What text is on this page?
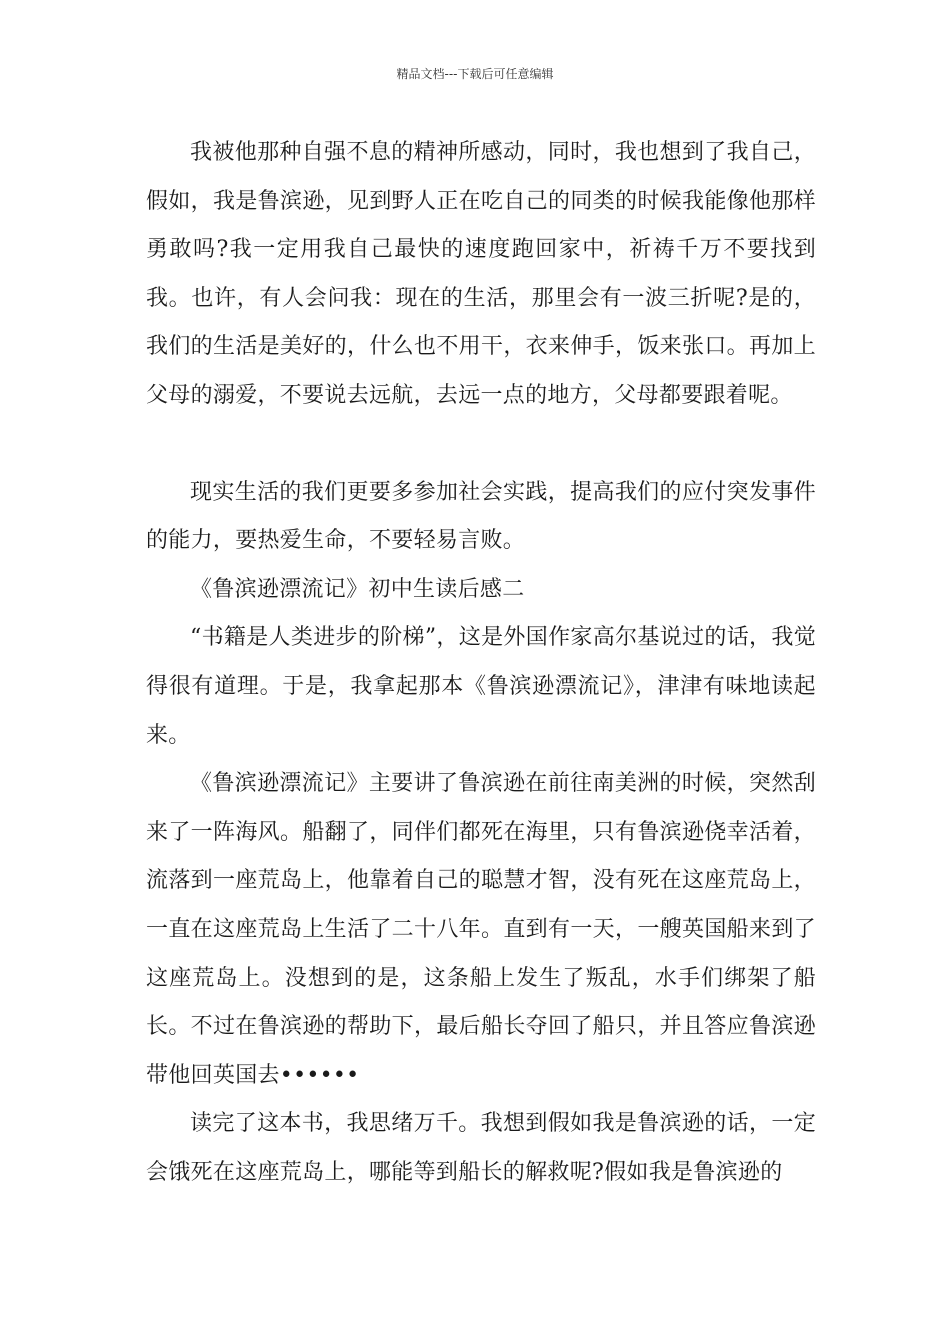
精品文档---下载后可任意编辑

我被他那种自强不息的精神所感动，同时，我也想到了我自己，假如，我是鲁滨逊，见到野人正在吃自己的同类的时候我能像他那样勇敢吗?我一定用我自己最快的速度跑回家中，祈祷千万不要找到我。也许，有人会问我：现在的生活，那里会有一波三折呢?是的，我们的生活是美好的，什么也不用干，衣来伸手，饭来张口。再加上父母的溺爱，不要说去远航，去远一点的地方，父母都要跟着呢。

现实生活的我们更要多参加社会实践，提高我们的应付突发事件的能力，要热爱生命，不要轻易言败。

《鲁滨逊漂流记》初中生读后感二

“书籍是人类进步的阶梯”，这是外国作家高尔基说过的话，我觉得很有道理。于是，我拿起那本《鲁滨逊漂流记》，津津有味地读起来。

《鲁滨逊漂流记》主要讲了鲁滨逊在前往南美洲的时候，突然刮来了一阵海风。船翻了，同伴们都死在海里，只有鲁滨逊侥幸活着，流落到一座荒岛上，他靠着自己的聪慧才智，没有死在这座荒岛上，一直在这座荒岛上生活了二十八年。直到有一天，一艘英国船来到了这座荒岛上。没想到的是，这条船上发生了叛乱，水手们绑架了船长。不过在鲁滨逊的帮助下，最后船长夺回了船只，并且答应鲁滨逊带他回英国去••••••

读完了这本书，我思绪万千。我想到假如我是鲁滨逊的话，一定会饿死在这座荒岛上，哪能等到船长的解救呢?假如我是鲁滨逊的
